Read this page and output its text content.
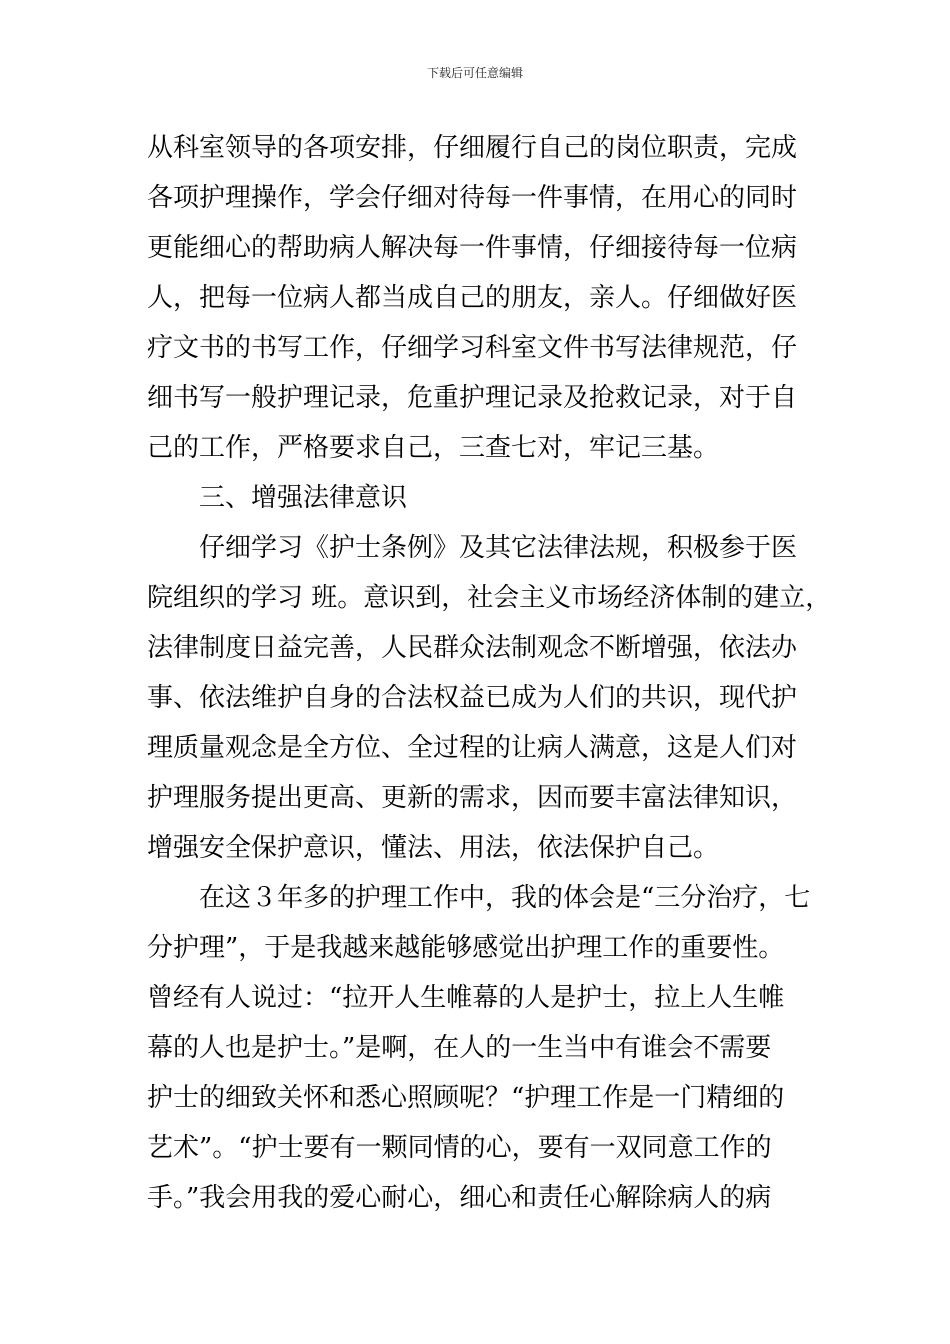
下载后可任意编辑
从科室领导的各项安排，仔细履行自己的岗位职责，完成
各项护理操作，学会仔细对待每一件事情，在用心的同时
更能细心的帮助病人解决每一件事情，仔细接待每一位病
人，把每一位病人都当成自己的朋友，亲人。仔细做好医
疗文书的书写工作，仔细学习科室文件书写法律规范，仔
细书写一般护理记录，危重护理记录及抢救记录，对于自
己的工作，严格要求自己，三查七对，牢记三基。
三、增强法律意识
仔细学习《护士条例》及其它法律法规，积极参于医
院组织的学习 班。意识到，社会主义市场经济体制的建立，
法律制度日益完善，人民群众法制观念不断增强，依法办
事、依法维护自身的合法权益已成为人们的共识，现代护
理质量观念是全方位、全过程的让病人满意，这是人们对
护理服务提出更高、更新的需求，因而要丰富法律知识，
增强安全保护意识，懂法、用法，依法保护自己。
在这３年多的护理工作中，我的体会是“三分治疗，七
分护理”，于是我越来越能够感觉出护理工作的重要性。
曾经有人说过：“拉开人生帷幕的人是护士，拉上人生帷
幕的人也是护士。”是啊，在人的一生当中有谁会不需要
护士的细致关怀和悉心照顾呢？“护理工作是一门精细的
艺术”。“护士要有一颗同情的心，要有一双同意工作的
手。”我会用我的爱心耐心，细心和责任心解除病人的病
